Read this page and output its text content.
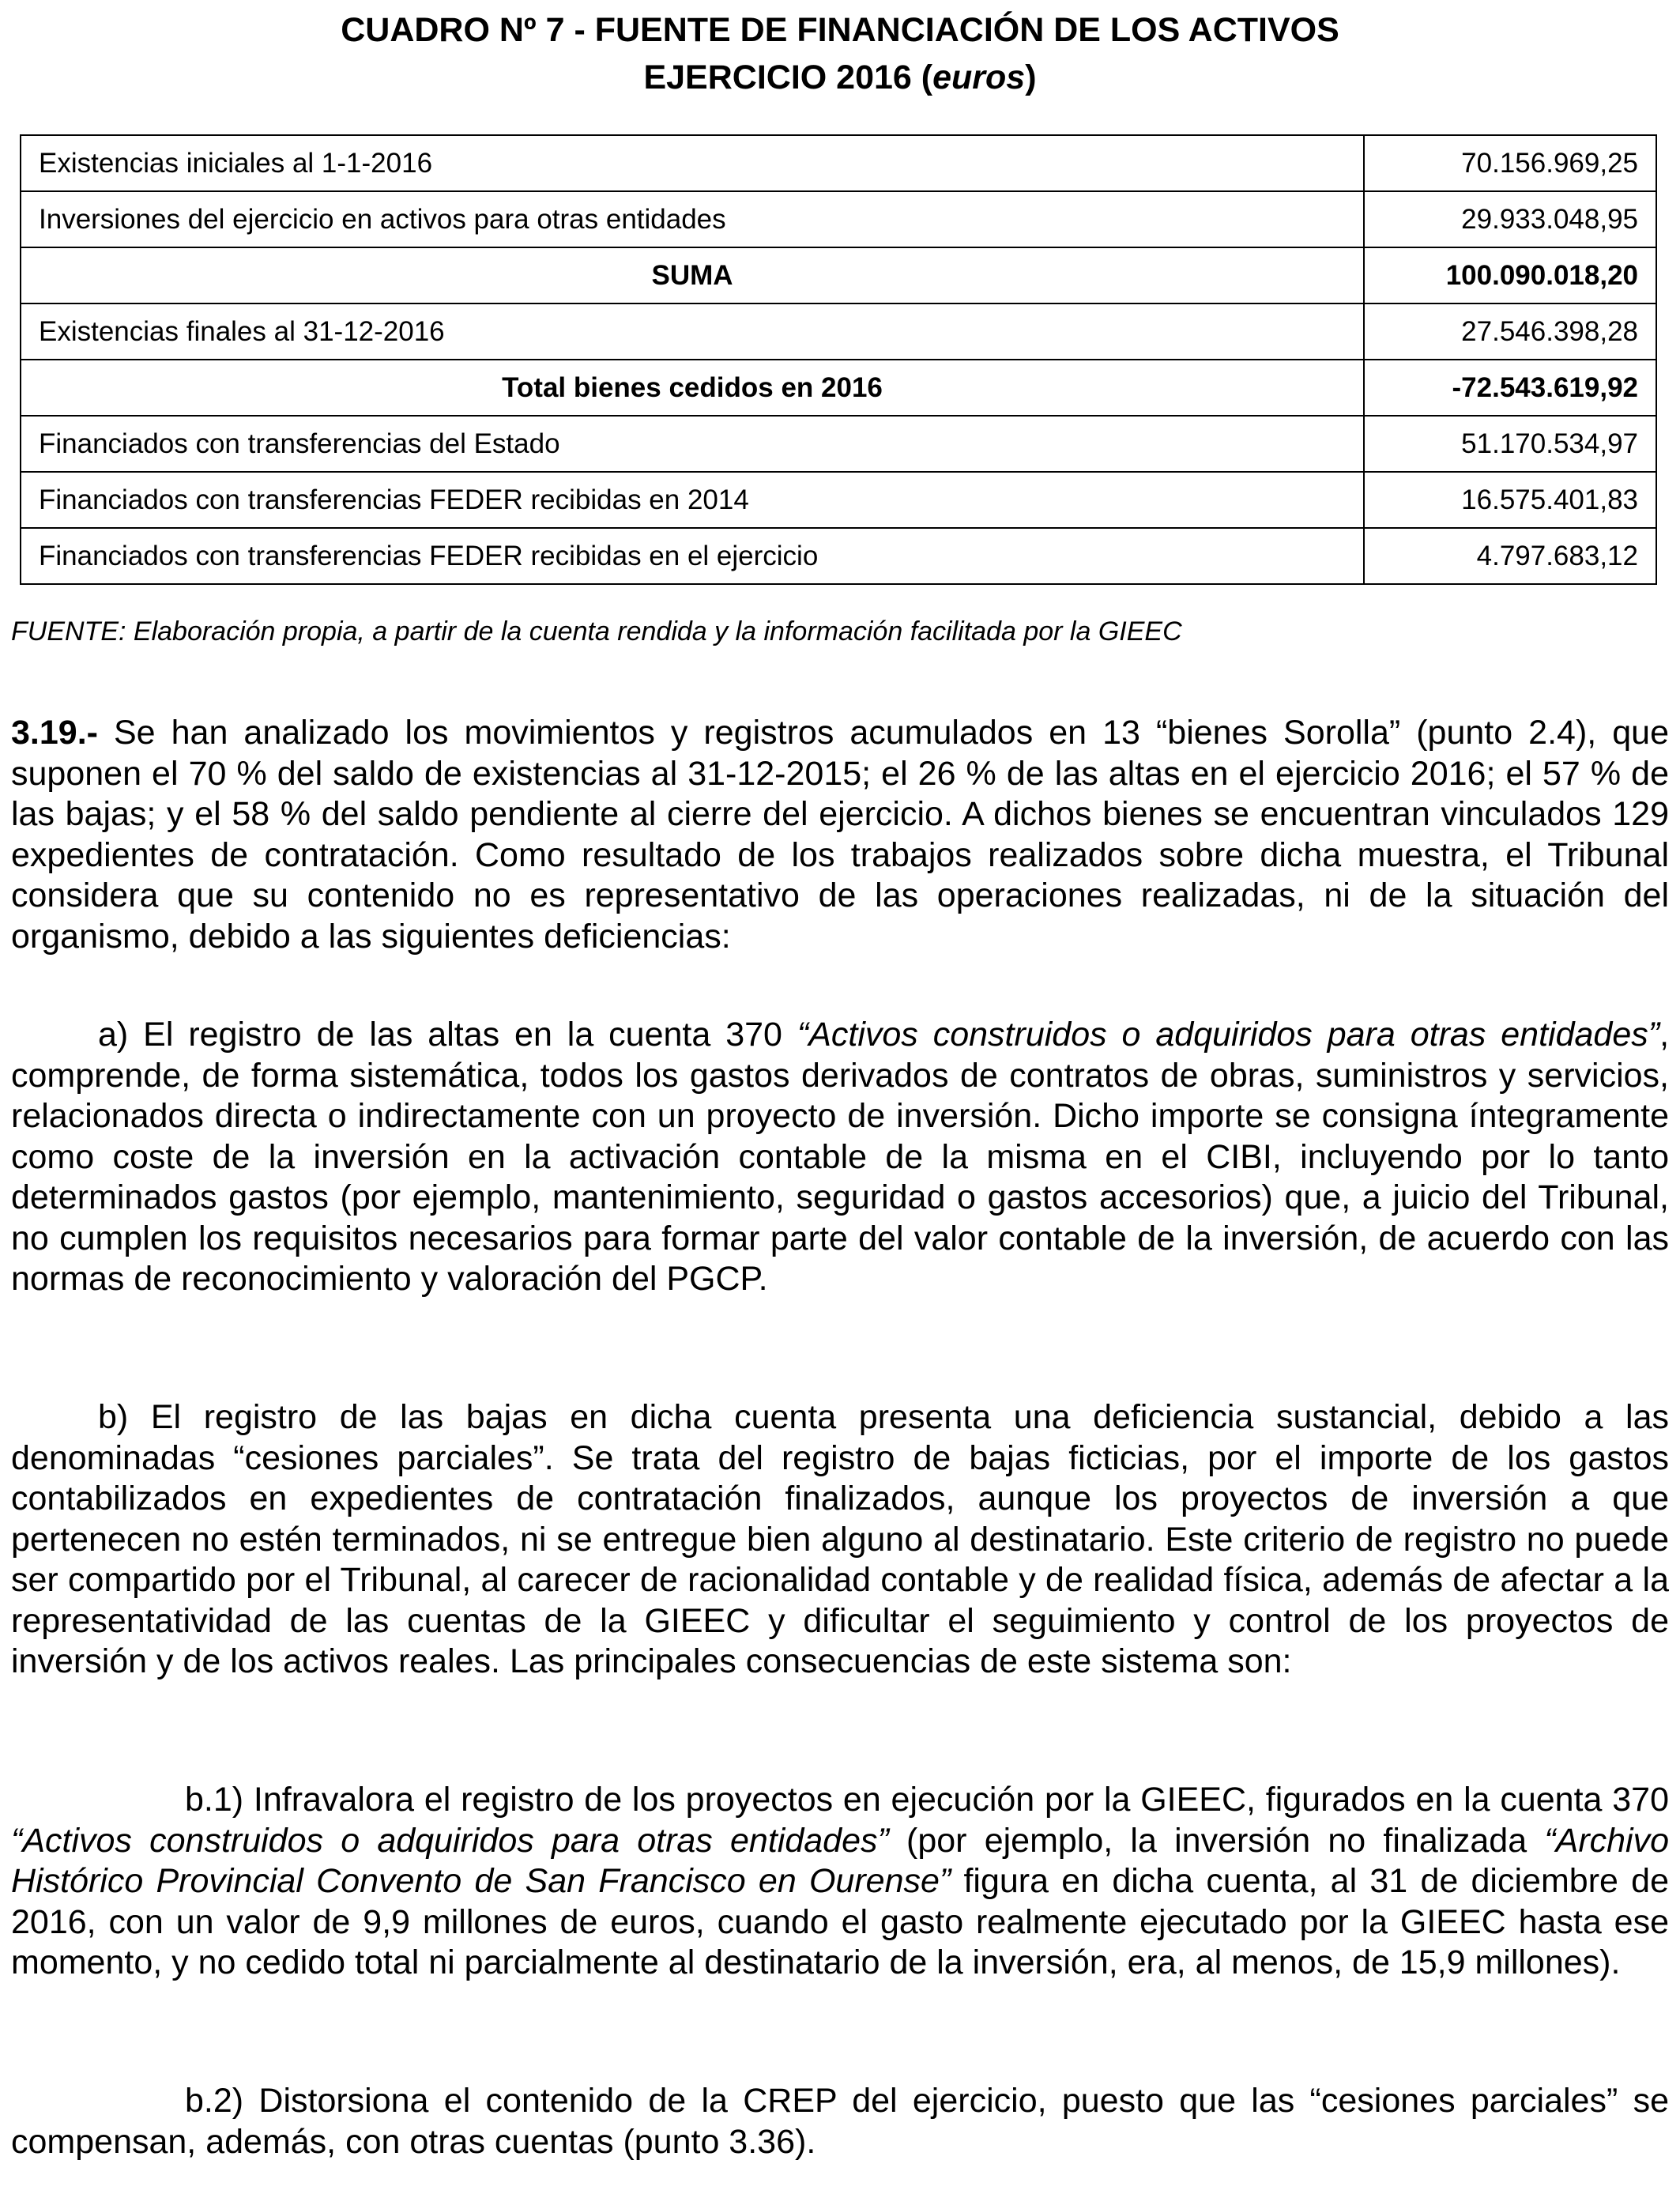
CUADRO Nº 7 - FUENTE DE FINANCIACIÓN DE LOS ACTIVOS
EJERCICIO 2016 (euros)
Existencias iniciales al 1-1-2016	70.156.969,25
Inversiones del ejercicio en activos para otras entidades	29.933.048,95
SUMA	100.090.018,20
Existencias finales al 31-12-2016	27.546.398,28
Total bienes cedidos en 2016	-72.543.619,92
Financiados con transferencias del Estado	51.170.534,97
Financiados con transferencias FEDER recibidas en 2014	16.575.401,83
Financiados con transferencias FEDER recibidas en el ejercicio	4.797.683,12
FUENTE: Elaboración propia, a partir de la cuenta rendida y la información facilitada por la GIEEC
3.19.- Se han analizado los movimientos y registros acumulados en 13 “bienes Sorolla” (punto 2.4), que suponen el 70 % del saldo de existencias al 31-12-2015; el 26 % de las altas en el ejercicio 2016; el 57 % de las bajas; y el 58 % del saldo pendiente al cierre del ejercicio. A dichos bienes se encuentran vinculados 129 expedientes de contratación. Como resultado de los trabajos realizados sobre dicha muestra, el Tribunal considera que su contenido no es representativo de las operaciones realizadas, ni de la situación del organismo, debido a las siguientes deficiencias:
a) El registro de las altas en la cuenta 370 “Activos construidos o adquiridos para otras entidades”, comprende, de forma sistemática, todos los gastos derivados de contratos de obras, suministros y servicios, relacionados directa o indirectamente con un proyecto de inversión. Dicho importe se consigna íntegramente como coste de la inversión en la activación contable de la misma en el CIBI, incluyendo por lo tanto determinados gastos (por ejemplo, mantenimiento, seguridad o gastos accesorios) que, a juicio del Tribunal, no cumplen los requisitos necesarios para formar parte del valor contable de la inversión, de acuerdo con las normas de reconocimiento y valoración del PGCP.
b) El registro de las bajas en dicha cuenta presenta una deficiencia sustancial, debido a las denominadas “cesiones parciales”. Se trata del registro de bajas ficticias, por el importe de los gastos contabilizados en expedientes de contratación finalizados, aunque los proyectos de inversión a que pertenecen no estén terminados, ni se entregue bien alguno al destinatario. Este criterio de registro no puede ser compartido por el Tribunal, al carecer de racionalidad contable y de realidad física, además de afectar a la representatividad de las cuentas de la GIEEC y dificultar el seguimiento y control de los proyectos de inversión y de los activos reales. Las principales consecuencias de este sistema son:
b.1) Infravalora el registro de los proyectos en ejecución por la GIEEC, figurados en la cuenta 370 “Activos construidos o adquiridos para otras entidades” (por ejemplo, la inversión no finalizada “Archivo Histórico Provincial Convento de San Francisco en Ourense” figura en dicha cuenta, al 31 de diciembre de 2016, con un valor de 9,9 millones de euros, cuando el gasto realmente ejecutado por la GIEEC hasta ese momento, y no cedido total ni parcialmente al destinatario de la inversión, era, al menos, de 15,9 millones).
b.2) Distorsiona el contenido de la CREP del ejercicio, puesto que las “cesiones parciales” se compensan, además, con otras cuentas (punto 3.36).
